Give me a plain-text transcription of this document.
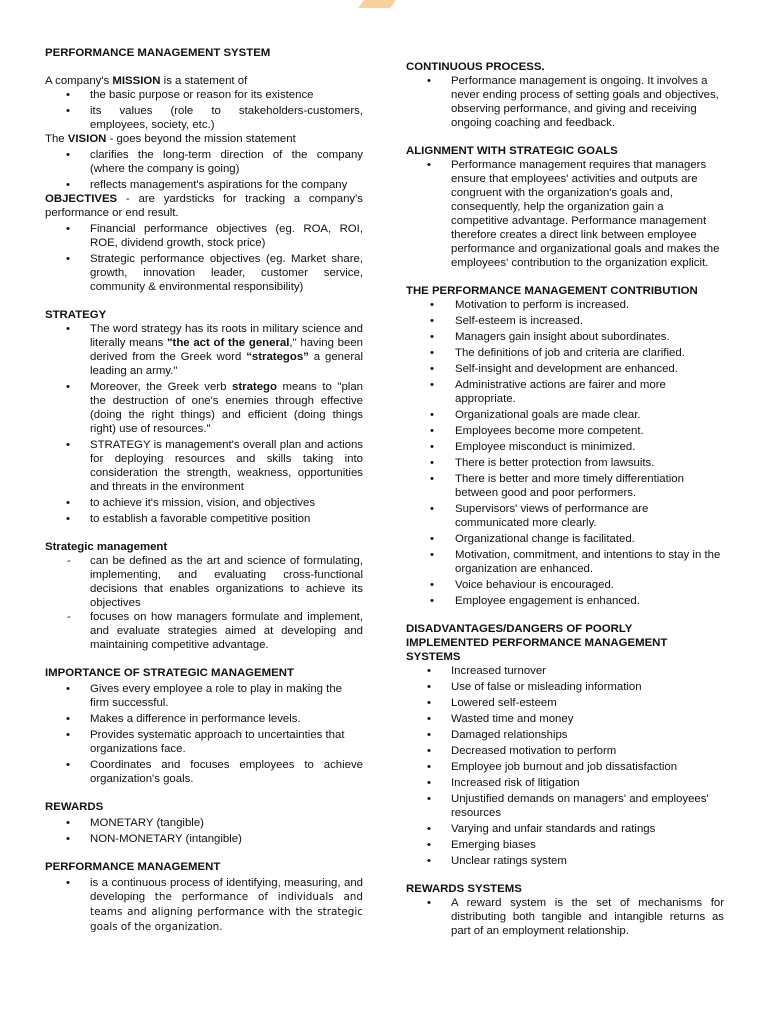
PERFORMANCE MANAGEMENT SYSTEM

A company's MISSION is a statement of

• the basic purpose or reason for its existence
• its values (role to stakeholders-customers, employees, society, etc.)

The VISION - goes beyond the mission statement

• clarifies the long-term direction of the company (where the company is going)
• reflects management's aspirations for the company

OBJECTIVES - are yardsticks for tracking a company's performance or end result.

• Financial performance objectives (eg. ROA, ROI, ROE, dividend growth, stock price)
• Strategic performance objectives (eg. Market share, growth, innovation leader, customer service, community & environmental responsibility)
STRATEGY
• The word strategy has its roots in military science and literally means "the act of the general," having been derived from the Greek word “strategos” a general leading an army."
• Moreover, the Greek verb stratego means to "plan the destruction of one's enemies through effective (doing the right things) and efficient (doing things right) use of resources."
• STRATEGY is management's overall plan and actions for deploying resources and skills taking into consideration the strength, weakness, opportunities and threats in the environment
• to achieve it's mission, vision, and objectives
• to establish a favorable competitive position
Strategic management
- can be defined as the art and science of formulating, implementing, and evaluating cross-functional decisions that enables organizations to achieve its objectives
- focuses on how managers formulate and implement, and evaluate strategies aimed at developing and maintaining competitive advantage.
IMPORTANCE OF STRATEGIC MANAGEMENT
• Gives every employee a role to play in making the firm successful.
• Makes a difference in performance levels.
• Provides systematic approach to uncertainties that organizations face.
• Coordinates and focuses employees to achieve organization's goals.
REWARDS
• MONETARY (tangible)
• NON-MONETARY (intangible)
PERFORMANCE MANAGEMENT
• is a continuous process of identifying, measuring, and developing the performance of individuals and teams and aligning performance with the strategic goals of the organization.
CONTINUOUS PROCESS.
• Performance management is ongoing. It involves a never ending process of setting goals and objectives, observing performance, and giving and receiving ongoing coaching and feedback.
ALIGNMENT WITH STRATEGIC GOALS
• Performance management requires that managers ensure that employees' activities and outputs are congruent with the organization's goals and, consequently, help the organization gain a competitive advantage. Performance management therefore creates a direct link between employee performance and organizational goals and makes the employees' contribution to the organization explicit.
THE PERFORMANCE MANAGEMENT CONTRIBUTION
• Motivation to perform is increased.
• Self-esteem is increased.
• Managers gain insight about subordinates.
• The definitions of job and criteria are clarified.
• Self-insight and development are enhanced.
• Administrative actions are fairer and more appropriate.
• Organizational goals are made clear.
• Employees become more competent.
• Employee misconduct is minimized.
• There is better protection from lawsuits.
• There is better and more timely differentiation between good and poor performers.
• Supervisors' views of performance are communicated more clearly.
• Organizational change is facilitated.
• Motivation, commitment, and intentions to stay in the organization are enhanced.
• Voice behaviour is encouraged.
• Employee engagement is enhanced.
DISADVANTAGES/DANGERS OF POORLY
IMPLEMENTED PERFORMANCE MANAGEMENT
SYSTEMS
• Increased turnover
• Use of false or misleading information
• Lowered self-esteem
• Wasted time and money
• Damaged relationships
• Decreased motivation to perform
• Employee job burnout and job dissatisfaction
• Increased risk of litigation
• Unjustified demands on managers' and employees' resources
• Varying and unfair standards and ratings
• Emerging biases
• Unclear ratings system
REWARDS SYSTEMS
• A reward system is the set of mechanisms for distributing both tangible and intangible returns as part of an employment relationship.
